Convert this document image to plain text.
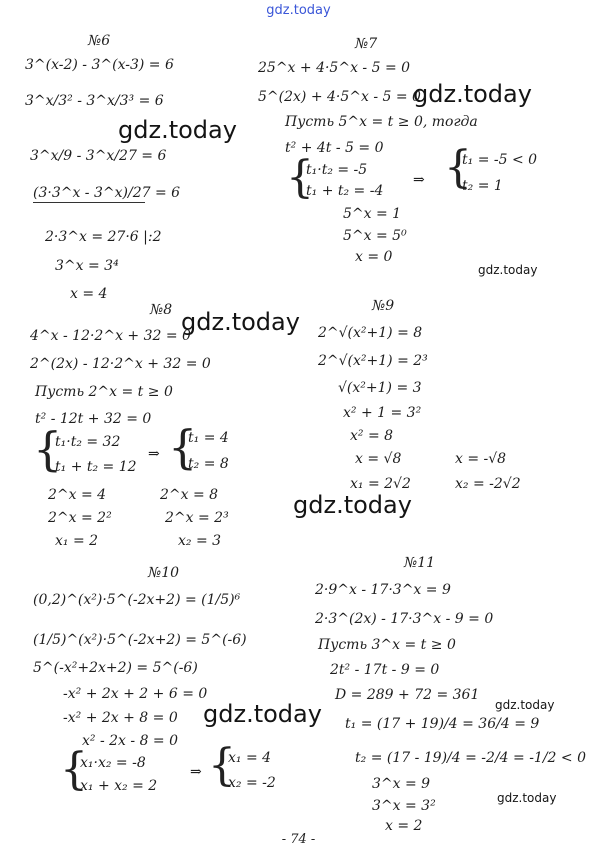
gdz.today
№6
3^(x-2) - 3^(x-3) = 6
3^x/3² - 3^x/3³ = 6
3^x/9 - 3^x/27 = 6
(3·3^x - 3^x)/27 = 6
2·3^x = 27·6 |:2
3^x = 3⁴
x = 4
№7
25^x + 4·5^x - 5 = 0
5^(2x) + 4·5^x - 5 = 0
Пусть 5^x = t ≥ 0, тогда
t² + 4t - 5 = 0
{
t₁·t₂ = -5
t₁ + t₂ = -4
⇒ {
t₁ = -5 < 0
t₂ = 1
5^x = 1
5^x = 5⁰
x = 0
№8
4^x - 12·2^x + 32 = 0
2^(2x) - 12·2^x + 32 = 0
Пусть 2^x = t ≥ 0
t² - 12t + 32 = 0
{
t₁·t₂ = 32
t₁ + t₂ = 12
⇒ {
t₁ = 4
t₂ = 8
2^x = 4
2^x = 2²
x₁ = 2
2^x = 8
2^x = 2³
x₂ = 3
№9
2^√(x²+1) = 8
2^√(x²+1) = 2³
√(x²+1) = 3
x² + 1 = 3²
x² = 8
x = √8
x₁ = 2√2
x = -√8
x₂ = -2√2
№10
(0,2)^(x²)·5^(-2x+2) = (1/5)⁶
(1/5)^(x²)·5^(-2x+2) = 5^(-6)
5^(-x²+2x+2) = 5^(-6)
-x² + 2x + 2 + 6 = 0
-x² + 2x + 8 = 0
x² - 2x - 8 = 0
{
x₁·x₂ = -8
x₁ + x₂ = 2
⇒ {
x₁ = 4
x₂ = -2
№11
2·9^x - 17·3^x = 9
2·3^(2x) - 17·3^x - 9 = 0
Пусть 3^x = t ≥ 0
2t² - 17t - 9 = 0
D = 289 + 72 = 361
t₁ = (17 + 19)/4 = 36/4 = 9
t₂ = (17 - 19)/4 = -2/4 = -1/2 < 0
3^x = 9
3^x = 3²
x = 2
gdz.today
gdz.today
gdz.today
gdz.today
gdz.today
gdz.today	gdz.today
gdz.today
- 74 -
